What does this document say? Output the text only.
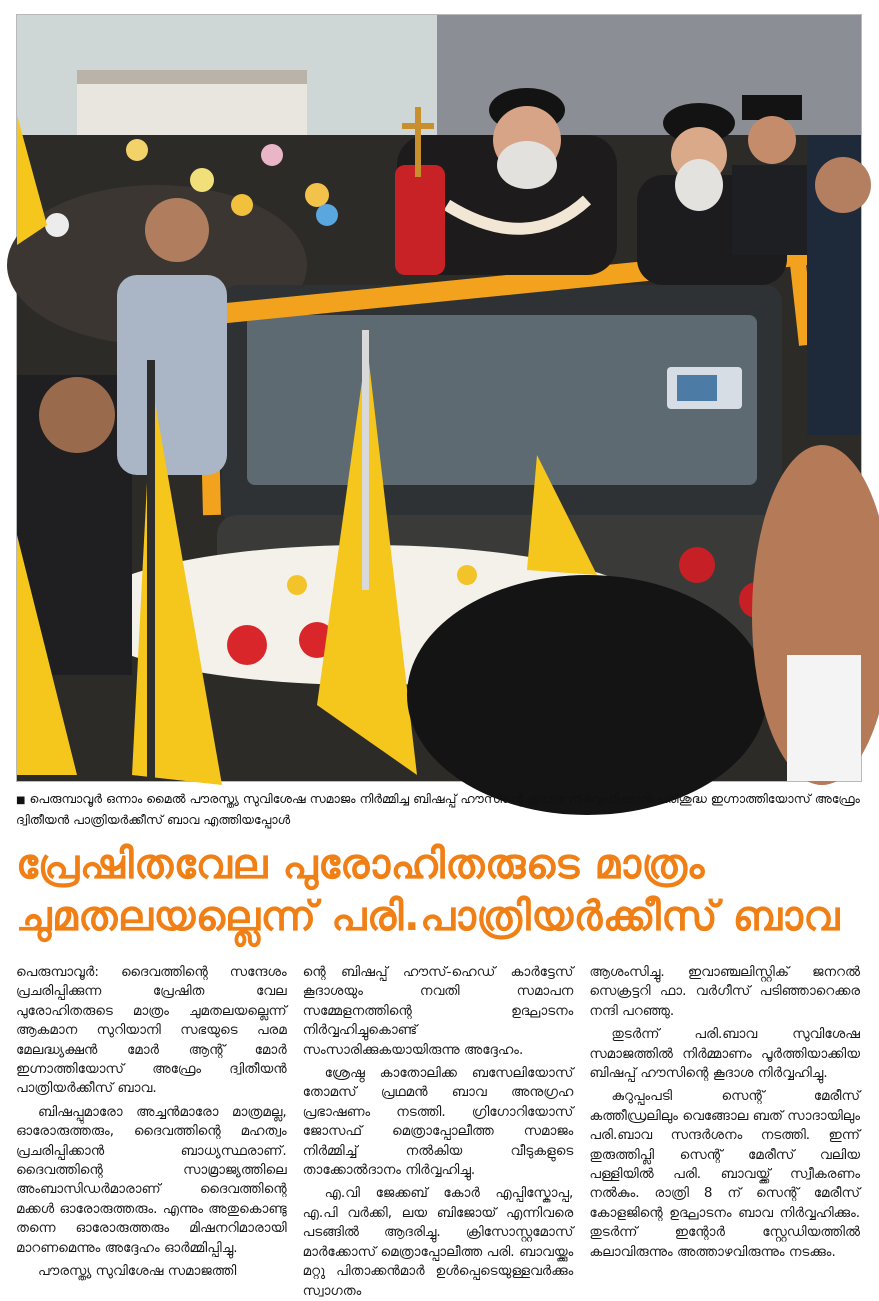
■ പെരുമ്പാവൂർ ഒന്നാം മൈൽ പൗരസ്ത്യ സുവിശേഷ സമാജം നിർമ്മിച്ച ബിഷപ്പ് ഹൗസിന്റെ കൂദാശ നിർവ്വഹിക്കാൻ പരിശുദ്ധ ഇഗ്നാത്തിയോസ് അഫ്രേം ദ്വിതീയൻ പാത്രിയർക്കീസ് ബാവ എത്തിയപ്പോൾ
പ്രേഷിതവേല പുരോഹിതരുടെ മാത്രം
ചുമതലയല്ലെന്ന് പരി.പാത്രിയർക്കീസ് ബാവ

പെരുമ്പാവൂർ: ദൈവത്തിന്റെ സന്ദേശം പ്രചരിപ്പിക്കുന്ന പ്രേഷിത വേല പുരോഹിതരുടെ മാത്രം ചുമതലയല്ലെന്ന് ആകമാന സുറിയാനി സഭയുടെ പരമ മേലദ്ധ്യക്ഷൻ മോർ ആന്റ് മോർ ഇഗ്നാത്തിയോസ് അഫ്രേം ദ്വിതീയൻ പാത്രിയർക്കീസ് ബാവ.

ബിഷപ്പുമാരോ അച്ചൻമാരോ മാത്രമല്ല, ഓരോരുത്തരും, ദൈവത്തിന്റെ മഹത്വം പ്രചരിപ്പിക്കാൻ ബാധ്യസ്ഥരാണ്. ദൈവത്തിന്റെ സാമ്രാജ്യത്തിലെ അംബാസിഡർമാരാണ് ദൈവത്തിന്റെ മക്കൾ ഓരോരുത്തരും. എന്നും അതുകൊണ്ടു തന്നെ ഓരോരുത്തരും മിഷനറിമാരായി മാറണമെന്നും അദ്ദേഹം ഓർമ്മിപ്പിച്ചു.

പൗരസ്ത്യ സുവിശേഷ സമാജത്തി

ന്റെ ബിഷപ്പ് ഹൗസ്-ഹെഡ് കാർട്ടേസ് കൂദാശയും നവതി സമാപന സമ്മേളനത്തിന്റെ ഉദ്ഘാടനം നിർവ്വഹിച്ചുകൊണ്ട് സംസാരിക്കുകയായിരുന്നു അദ്ദേഹം.

ശ്രേഷ്ഠ കാതോലിക്ക ബസേലിയോസ് തോമസ് പ്രഥമൻ ബാവ അനുഗ്രഹ പ്രഭാഷണം നടത്തി. ഗ്രിഗോറിയോസ് ജോസഫ് മെത്രാപ്പോലീത്ത സമാജം നിർമ്മിച്ച് നൽകിയ വീടുകളുടെ താക്കോൽദാനം നിർവ്വഹിച്ചു.

എ.വി ജേക്കബ് കോർ എപ്പിസ്കോപ്പ, എ.പി വർക്കി, ലയ ബിജോയ് എന്നിവരെ പടങ്ങിൽ ആദരിച്ചു. ക്രിസോസ്റ്റമോസ് മാർക്കോസ് മെത്രാപ്പോലീത്ത പരി. ബാവയ്ക്കും മറ്റു പിതാക്കൻമാർ ഉൾപ്പെടെയുള്ളവർക്കും സ്വാഗതം

ആശംസിച്ചു. ഇവാഞ്ചലിസ്റ്റിക് ജനറൽ സെക്രട്ടറി ഫാ. വർഗീസ് പടിഞ്ഞാറെക്കര നന്ദി പറഞ്ഞു.

തുടർന്ന് പരി.ബാവ സുവിശേഷ സമാജത്തിൽ നിർമ്മാണം പൂർത്തിയാക്കിയ ബിഷപ്പ് ഹൗസിന്റെ കൂദാശ നിർവ്വഹിച്ചു.

കുറുപ്പംപടി സെന്റ് മേരീസ് കത്തീഡ്രലിലും വെങ്ങോല ബത് സാദായിലും പരി.ബാവ സന്ദർശനം നടത്തി. ഇന്ന് തുരുത്തിപ്ലി സെന്റ് മേരീസ് വലിയ പള്ളിയിൽ പരി. ബാവയ്ക്ക് സ്വീകരണം നൽകും. രാത്രി 8 ന് സെന്റ് മേരീസ് കോളജിന്റെ ഉദ്ഘാടനം ബാവ നിർവ്വഹിക്കും. തുടർന്ന് ഇന്റോർ സ്റ്റേഡിയത്തിൽ കലാവിരുന്നും അത്താഴവിരുന്നും നടക്കും.
